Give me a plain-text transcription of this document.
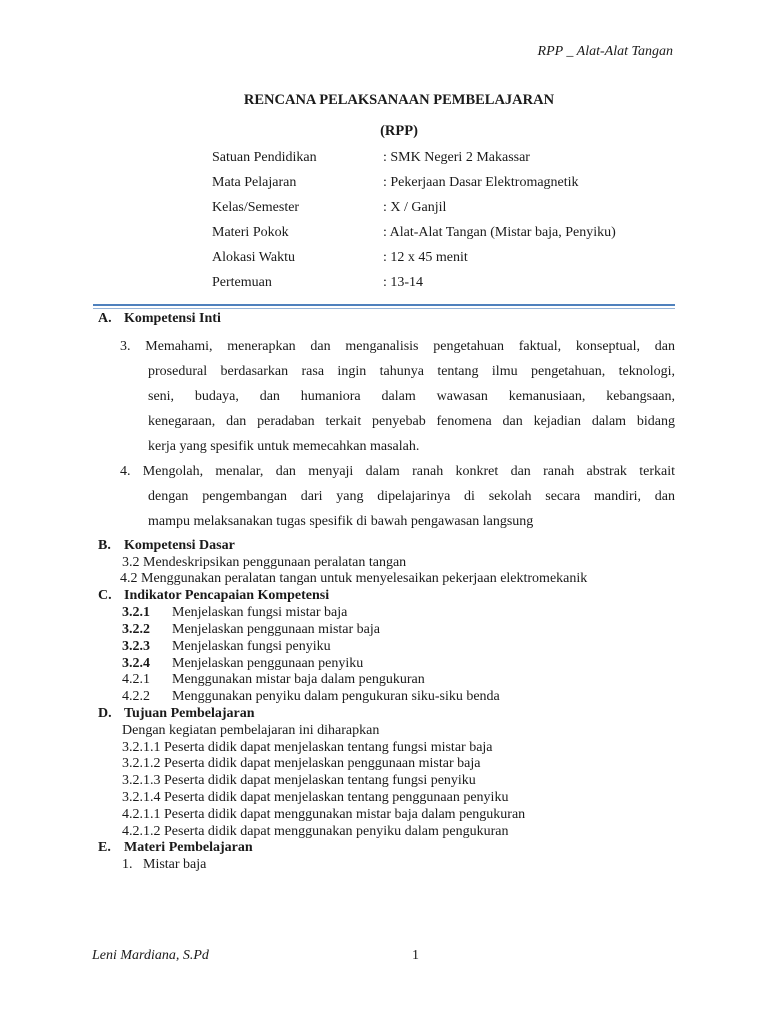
RPP _ Alat-Alat Tangan
RENCANA PELAKSANAAN PEMBELAJARAN
(RPP)
Satuan Pendidikan	: SMK Negeri 2 Makassar
Mata Pelajaran	: Pekerjaan Dasar Elektromagnetik
Kelas/Semester	: X / Ganjil
Materi Pokok	: Alat-Alat Tangan (Mistar baja, Penyiku)
Alokasi Waktu	: 12 x 45 menit
Pertemuan	: 13-14
A. Kompetensi Inti
3. Memahami, menerapkan dan menganalisis pengetahuan faktual, konseptual, dan
prosedural berdasarkan rasa ingin tahunya tentang ilmu pengetahuan, teknologi,
seni, budaya, dan humaniora dalam wawasan kemanusiaan, kebangsaan,
kenegaraan, dan peradaban terkait penyebab fenomena dan kejadian dalam bidang
kerja yang spesifik untuk memecahkan masalah.
4. Mengolah, menalar, dan menyaji dalam ranah konkret dan ranah abstrak terkait
dengan pengembangan dari yang dipelajarinya di sekolah secara mandiri, dan
mampu melaksanakan tugas spesifik di bawah pengawasan langsung
B. Kompetensi Dasar
3.2 Mendeskripsikan penggunaan peralatan tangan
4.2 Menggunakan peralatan tangan untuk menyelesaikan pekerjaan elektromekanik
C. Indikator Pencapaian Kompetensi
3.2.1 Menjelaskan fungsi mistar baja
3.2.2 Menjelaskan penggunaan mistar baja
3.2.3 Menjelaskan fungsi penyiku
3.2.4 Menjelaskan penggunaan penyiku
4.2.1 Menggunakan mistar baja dalam pengukuran
4.2.2 Menggunakan penyiku dalam pengukuran siku-siku benda
D. Tujuan Pembelajaran
Dengan kegiatan pembelajaran ini diharapkan
3.2.1.1 Peserta didik dapat menjelaskan tentang fungsi mistar baja
3.2.1.2 Peserta didik dapat menjelaskan penggunaan mistar baja
3.2.1.3 Peserta didik dapat menjelaskan tentang fungsi penyiku
3.2.1.4 Peserta didik dapat menjelaskan tentang penggunaan penyiku
4.2.1.1 Peserta didik dapat menggunakan mistar baja dalam pengukuran
4.2.1.2 Peserta didik dapat menggunakan penyiku dalam pengukuran
E. Materi Pembelajaran
1.   Mistar baja
Leni Mardiana, S.Pd	1
